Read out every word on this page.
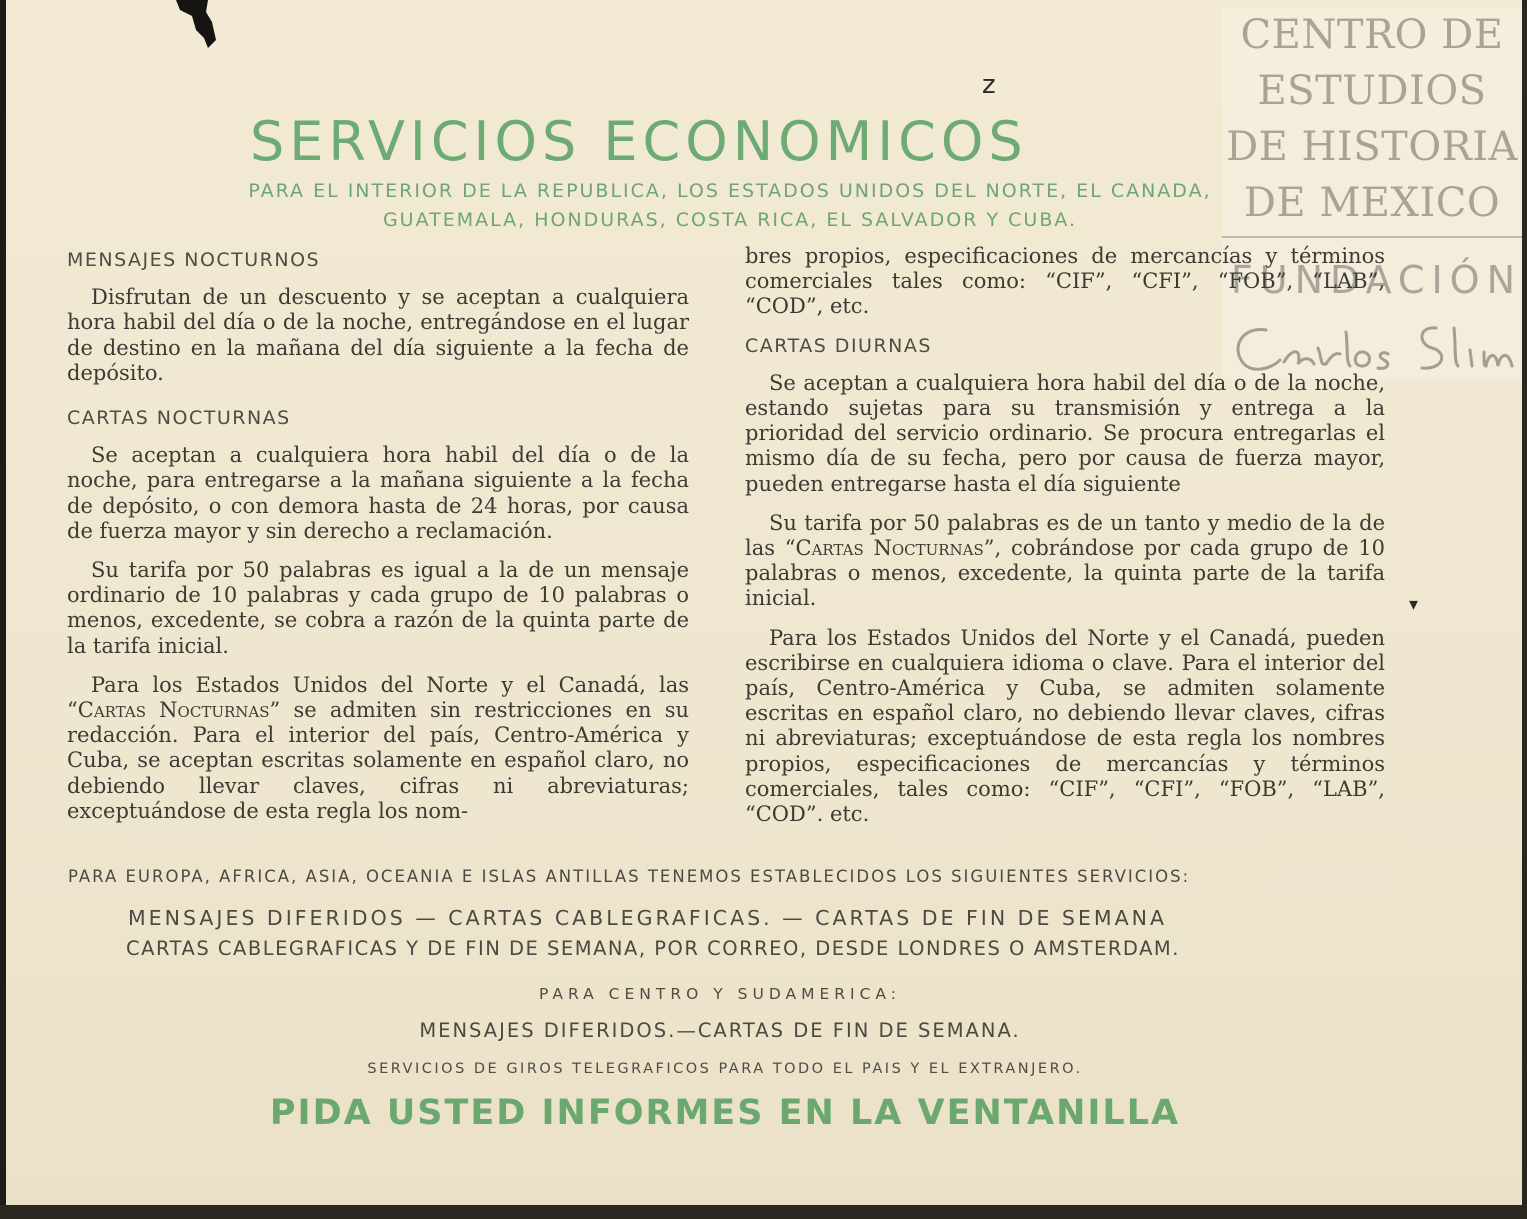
z
▾
CENTRO DE
ESTUDIOS
DE HISTORIA
DE MEXICO
FUNDACIÓN
SERVICIOS ECONOMICOS
PARA EL INTERIOR DE LA REPUBLICA, LOS ESTADOS UNIDOS DEL NORTE, EL CANADA,
GUATEMALA, HONDURAS, COSTA RICA, EL SALVADOR Y CUBA.
MENSAJES NOCTURNOS

Disfrutan de un descuento y se aceptan a cualquiera hora habil del día o de la noche, entregándose en el lugar de destino en la mañana del día siguiente a la fecha de depósito.

CARTAS NOCTURNAS

Se aceptan a cualquiera hora habil del día o de la noche, para entregarse a la mañana siguiente a la fecha de depósito, o con demora hasta de 24 horas, por causa de fuerza mayor y sin derecho a reclamación.

Su tarifa por 50 palabras es igual a la de un mensaje ordinario de 10 palabras y cada grupo de 10 palabras o menos, excedente, se cobra a razón de la quinta parte de la tarifa inicial.

Para los Estados Unidos del Norte y el Canadá, las “Cartas Nocturnas” se admiten sin restricciones en su redacción. Para el interior del país, Centro-América y Cuba, se aceptan escritas solamente en español claro, no debiendo llevar claves, cifras ni abreviaturas; exceptuándose de esta regla los nom-

bres propios, especificaciones de mercancías y términos comerciales tales como: “CIF”, “CFI”, “FOB”, “LAB”, “COD”, etc.

CARTAS DIURNAS

Se aceptan a cualquiera hora habil del día o de la noche, estando sujetas para su transmisión y entrega a la prioridad del servicio ordinario. Se procura entregarlas el mismo día de su fecha, pero por causa de fuerza mayor, pueden entregarse hasta el día siguiente

Su tarifa por 50 palabras es de un tanto y medio de la de las “Cartas Nocturnas”, cobrándose por cada grupo de 10 palabras o menos, excedente, la quinta parte de la tarifa inicial.

Para los Estados Unidos del Norte y el Canadá, pueden escribirse en cualquiera idioma o clave. Para el interior del país, Centro-América y Cuba, se admiten solamente escritas en español claro, no debiendo llevar claves, cifras ni abreviaturas; exceptuándose de esta regla los nombres propios, especificaciones de mercancías y términos comerciales, tales como: “CIF”, “CFI”, “FOB”, “LAB”, “COD”. etc.

PARA EUROPA, AFRICA, ASIA, OCEANIA E ISLAS ANTILLAS TENEMOS ESTABLECIDOS LOS SIGUIENTES SERVICIOS:
MENSAJES DIFERIDOS — CARTAS CABLEGRAFICAS. — CARTAS DE FIN DE SEMANA
CARTAS CABLEGRAFICAS Y DE FIN DE SEMANA, POR CORREO, DESDE LONDRES O AMSTERDAM.
PARA CENTRO Y SUDAMERICA:
MENSAJES DIFERIDOS.—CARTAS DE FIN DE SEMANA.
SERVICIOS DE GIROS TELEGRAFICOS PARA TODO EL PAIS Y EL EXTRANJERO.
PIDA USTED INFORMES EN LA VENTANILLA
